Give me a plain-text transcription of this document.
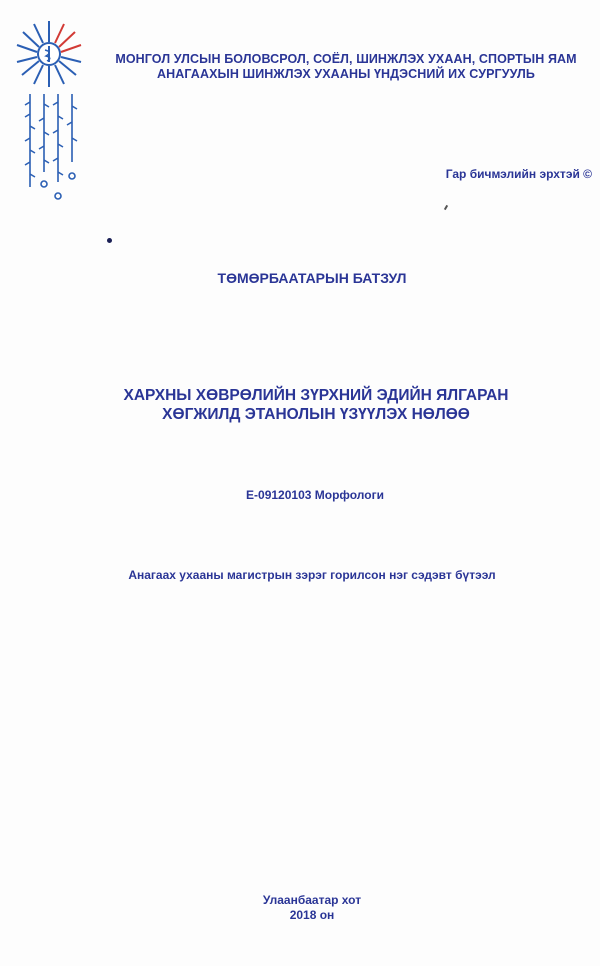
МОНГОЛ УЛСЫН БОЛОВСРОЛ, СОЁЛ, ШИНЖЛЭХ УХААН, СПОРТЫН ЯАМ
АНАГААХЫН ШИНЖЛЭХ УХААНЫ ҮНДЭСНИЙ ИХ СУРГУУЛЬ
Гар бичмэлийн эрхтэй ©
ТӨМӨРБААТАРЫН БАТЗУЛ
ХАРХНЫ ХӨВРӨЛИЙН ЗҮРХНИЙ ЭДИЙН ЯЛГАРАН
ХӨГЖИЛД ЭТАНОЛЫН ҮЗҮҮЛЭХ НӨЛӨӨ
E-09120103 Морфологи
Анагаах ухааны магистрын зэрэг горилсон нэг сэдэвт бүтээл
Улаанбаатар хот
2018 он
